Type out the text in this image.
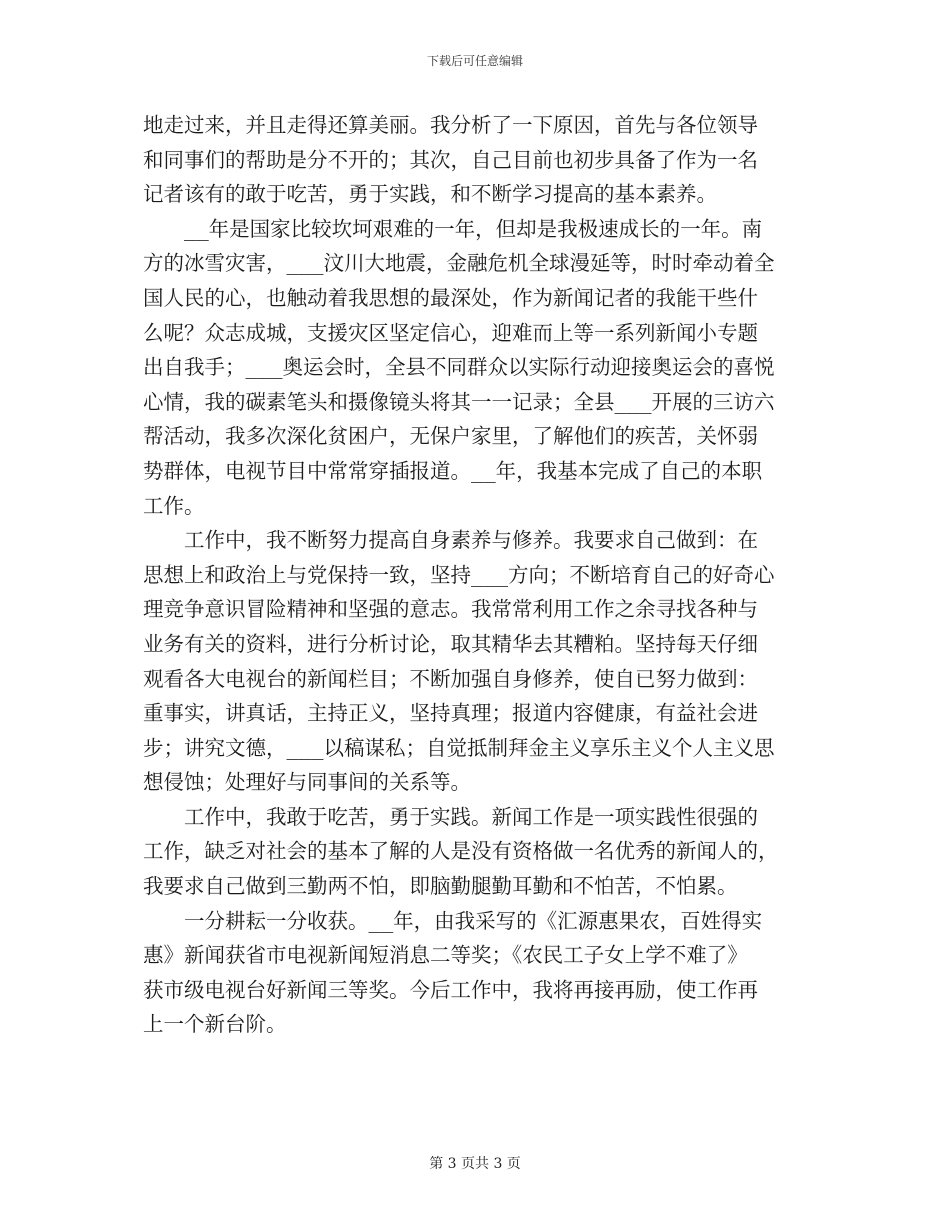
下载后可任意编辑

地走过来，并且走得还算美丽。我分析了一下原因，首先与各位领导
和同事们的帮助是分不开的；其次，自己目前也初步具备了作为一名
记者该有的敢于吃苦，勇于实践，和不断学习提高的基本素养。

__年是国家比较坎坷艰难的一年，但却是我极速成长的一年。南
方的冰雪灾害，___汶川大地震，金融危机全球漫延等，时时牵动着全
国人民的心，也触动着我思想的最深处，作为新闻记者的我能干些什
么呢？众志成城，支援灾区坚定信心，迎难而上等一系列新闻小专题
出自我手；___奥运会时，全县不同群众以实际行动迎接奥运会的喜悦
心情，我的碳素笔头和摄像镜头将其一一记录；全县___开展的三访六
帮活动，我多次深化贫困户，无保户家里，了解他们的疾苦，关怀弱
势群体，电视节目中常常穿插报道。__年，我基本完成了自己的本职
工作。

工作中，我不断努力提高自身素养与修养。我要求自己做到：在
思想上和政治上与党保持一致，坚持___方向；不断培育自己的好奇心
理竞争意识冒险精神和坚强的意志。我常常利用工作之余寻找各种与
业务有关的资料，进行分析讨论，取其精华去其糟粕。坚持每天仔细
观看各大电视台的新闻栏目；不断加强自身修养，使自已努力做到：
重事实，讲真话，主持正义，坚持真理；报道内容健康，有益社会进
步；讲究文德，___以稿谋私；自觉抵制拜金主义享乐主义个人主义思
想侵蚀；处理好与同事间的关系等。

工作中，我敢于吃苦，勇于实践。新闻工作是一项实践性很强的
工作，缺乏对社会的基本了解的人是没有资格做一名优秀的新闻人的，
我要求自己做到三勤两不怕，即脑勤腿勤耳勤和不怕苦，不怕累。

一分耕耘一分收获。__年，由我采写的《汇源惠果农，百姓得实
惠》新闻获省市电视新闻短消息二等奖；《农民工子女上学不难了》
获市级电视台好新闻三等奖。今后工作中，我将再接再励，使工作再
上一个新台阶。

第 3 页共 3 页
